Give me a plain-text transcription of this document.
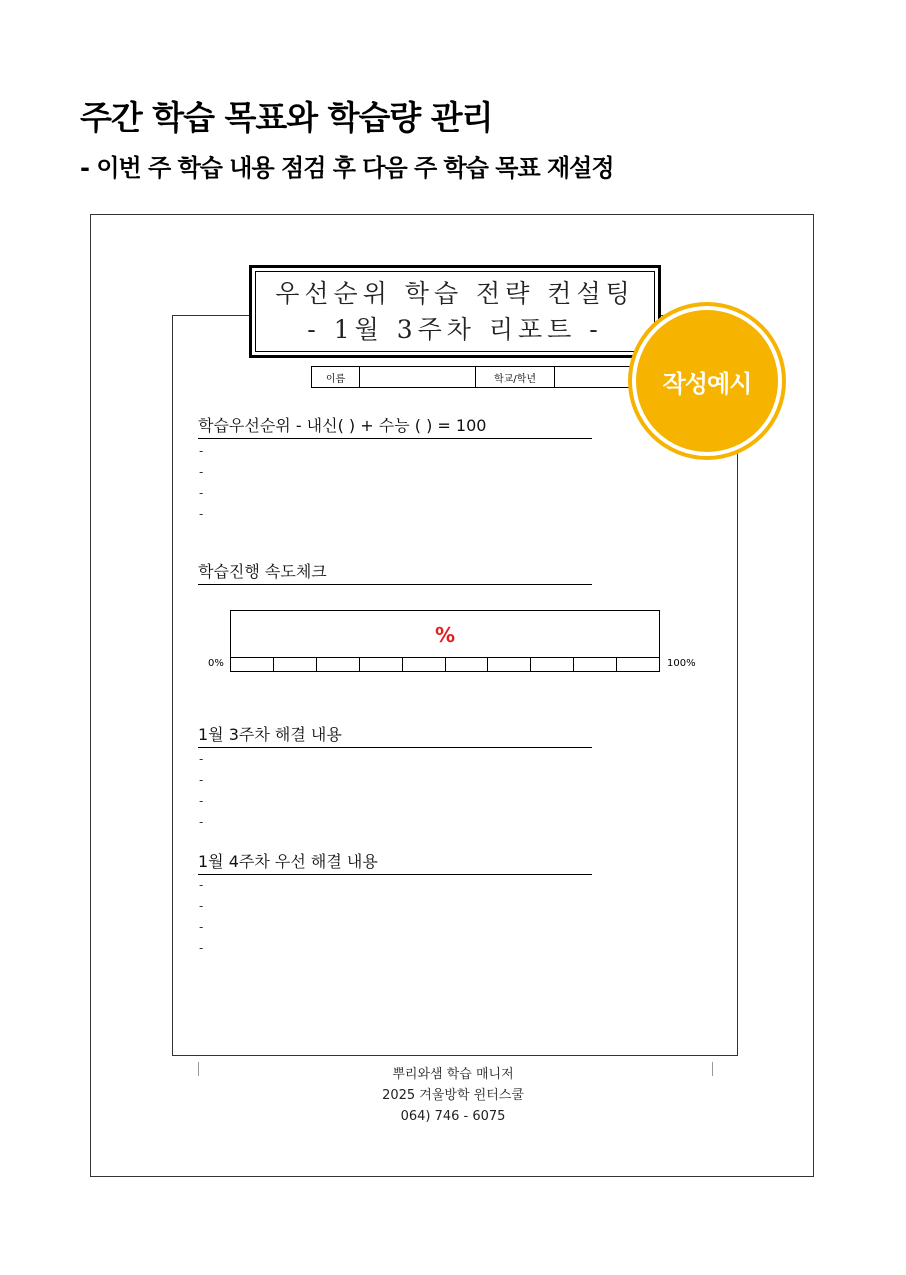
주간 학습 목표와 학습량 관리
- 이번 주 학습 내용 점검 후 다음 주 학습 목표 재설정
우선순위 학습 전략 컨설팅
- 1월 3주차 리포트 -
이름	학교/학년	작성예시
학습우선순위 - 내신( ) + 수능 ( ) = 100
-
-
-
-
학습진행 속도체크
%
0%	100%
1월 3주차 해결 내용
-
-
-
-
1월 4주차 우선 해결 내용
-
-
-
-
뿌리와샘 학습 매니저
2025 겨울방학 윈터스쿨
064) 746 - 6075
